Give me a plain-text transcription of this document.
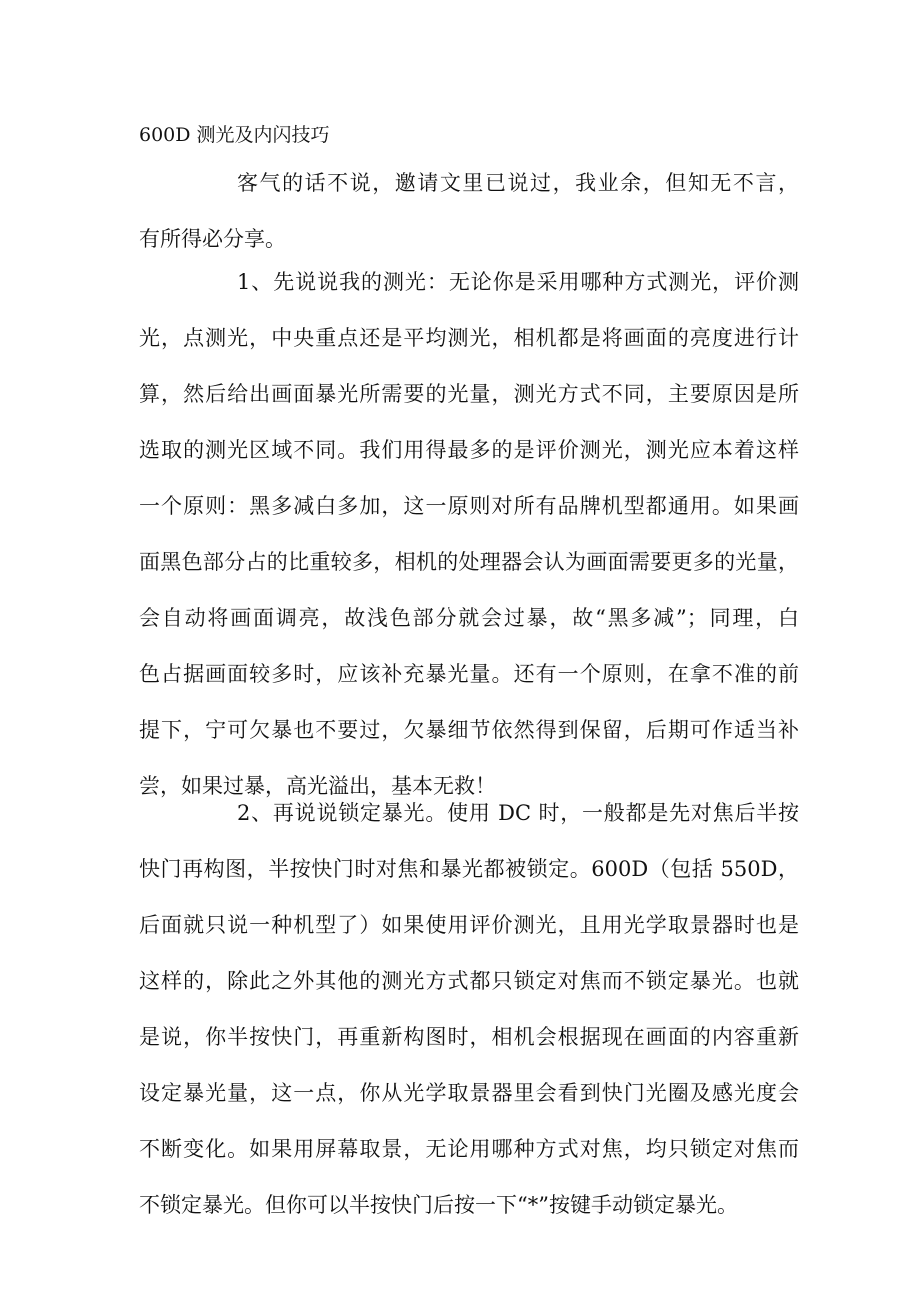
600D 测光及内闪技巧
客气的话不说，邀请文里已说过，我业余，但知无不言，
有所得必分享。
1、先说说我的测光：无论你是采用哪种方式测光，评价测
光，点测光，中央重点还是平均测光，相机都是将画面的亮度进行计
算，然后给出画面暴光所需要的光量，测光方式不同，主要原因是所
选取的测光区域不同。我们用得最多的是评价测光，测光应本着这样
一个原则：黑多减白多加，这一原则对所有品牌机型都通用。如果画
面黑色部分占的比重较多，相机的处理器会认为画面需要更多的光量，
会自动将画面调亮，故浅色部分就会过暴，故“黑多减”；同理，白
色占据画面较多时，应该补充暴光量。还有一个原则，在拿不准的前
提下，宁可欠暴也不要过，欠暴细节依然得到保留，后期可作适当补
尝，如果过暴，高光溢出，基本无救！
2、再说说锁定暴光。使用 DC 时，一般都是先对焦后半按
快门再构图，半按快门时对焦和暴光都被锁定。600D（包括 550D，
后面就只说一种机型了）如果使用评价测光，且用光学取景器时也是
这样的，除此之外其他的测光方式都只锁定对焦而不锁定暴光。也就
是说，你半按快门，再重新构图时，相机会根据现在画面的内容重新
设定暴光量，这一点，你从光学取景器里会看到快门光圈及感光度会
不断变化。如果用屏幕取景，无论用哪种方式对焦，均只锁定对焦而
不锁定暴光。但你可以半按快门后按一下“*”按键手动锁定暴光。
